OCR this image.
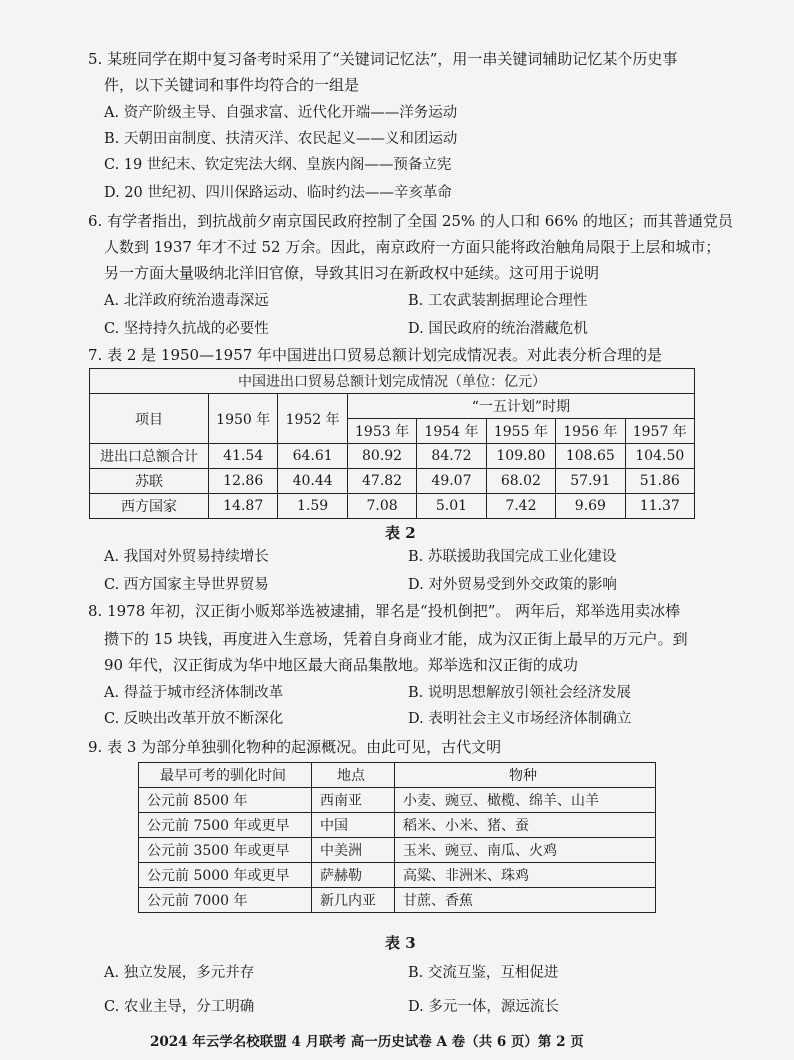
5. 某班同学在期中复习备考时采用了“关键词记忆法”，用一串关键词辅助记忆某个历史事
件，以下关键词和事件均符合的一组是
A. 资产阶级主导、自强求富、近代化开端——洋务运动
B. 天朝田亩制度、扶清灭洋、农民起义——义和团运动
C. 19 世纪末、钦定宪法大纲、皇族内阁——预备立宪
D. 20 世纪初、四川保路运动、临时约法——辛亥革命
6. 有学者指出，到抗战前夕南京国民政府控制了全国 25% 的人口和 66% 的地区；而其普通党员
人数到 1937 年才不过 52 万余。因此，南京政府一方面只能将政治触角局限于上层和城市；
另一方面大量吸纳北洋旧官僚，导致其旧习在新政权中延续。这可用于说明
A. 北洋政府统治遗毒深远	B. 工农武装割据理论合理性
C. 坚持持久抗战的必要性	D. 国民政府的统治潜藏危机
7. 表 2 是 1950—1957 年中国进出口贸易总额计划完成情况表。对此表分析合理的是
中国进出口贸易总额计划完成情况（单位：亿元）							
项目	1950 年	1952 年	“一五计划”时期				
			1953 年	1954 年	1955 年	1956 年	1957 年
进出口总额合计	41.54	64.61	80.92	84.72	109.80	108.65	104.50
苏联	12.86	40.44	47.82	49.07	68.02	57.91	51.86
西方国家	14.87	1.59	7.08	5.01	7.42	9.69	11.37
表 2
A. 我国对外贸易持续增长	B. 苏联援助我国完成工业化建设
C. 西方国家主导世界贸易	D. 对外贸易受到外交政策的影响
8. 1978 年初，汉正街小贩郑举选被逮捕，罪名是“投机倒把”。 两年后，郑举选用卖冰棒
攒下的 15 块钱，再度进入生意场，凭着自身商业才能，成为汉正街上最早的万元户。到
90 年代，汉正街成为华中地区最大商品集散地。郑举选和汉正街的成功
A. 得益于城市经济体制改革	B. 说明思想解放引领社会经济发展
C. 反映出改革开放不断深化	D. 表明社会主义市场经济体制确立
9. 表 3 为部分单独驯化物种的起源概况。由此可见，古代文明
最早可考的驯化时间	地点	物种
公元前 8500 年	西南亚	小麦、豌豆、橄榄、绵羊、山羊
公元前 7500 年或更早	中国	稻米、小米、猪、蚕
公元前 3500 年或更早	中美洲	玉米、豌豆、南瓜、火鸡
公元前 5000 年或更早	萨赫勒	高粱、非洲米、珠鸡
公元前 7000 年	新几内亚	甘蔗、香蕉
表 3
A. 独立发展，多元并存	B. 交流互鉴，互相促进
C. 农业主导，分工明确	D. 多元一体，源远流长
2024 年云学名校联盟 4 月联考 高一历史试卷 A 卷（共 6 页）第 2 页
